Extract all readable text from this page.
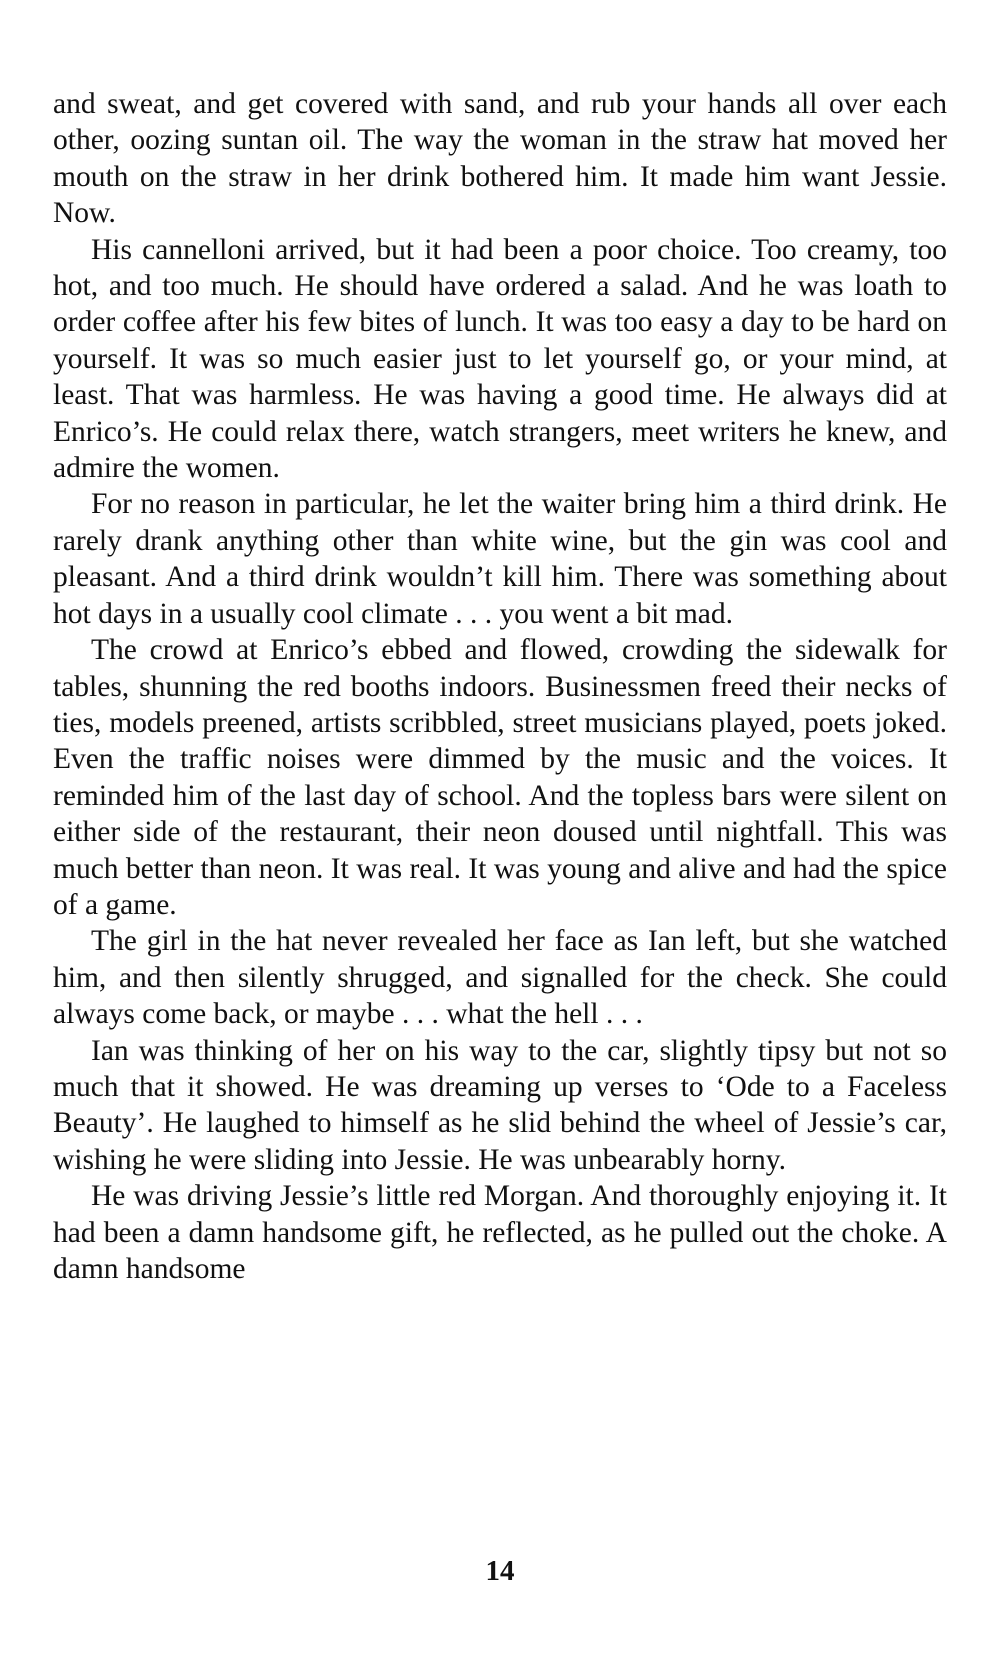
and sweat, and get covered with sand, and rub your hands all over each other, oozing suntan oil. The way the woman in the straw hat moved her mouth on the straw in her drink bothered him. It made him want Jessie. Now.

His cannelloni arrived, but it had been a poor choice. Too creamy, too hot, and too much. He should have ordered a salad. And he was loath to order coffee after his few bites of lunch. It was too easy a day to be hard on yourself. It was so much easier just to let yourself go, or your mind, at least. That was harmless. He was having a good time. He always did at Enrico’s. He could relax there, watch strangers, meet writers he knew, and admire the women.

For no reason in particular, he let the waiter bring him a third drink. He rarely drank anything other than white wine, but the gin was cool and pleasant. And a third drink wouldn’t kill him. There was something about hot days in a usually cool climate . . . you went a bit mad.

The crowd at Enrico’s ebbed and flowed, crowding the sidewalk for tables, shunning the red booths indoors. Businessmen freed their necks of ties, models preened, artists scribbled, street musicians played, poets joked. Even the traffic noises were dimmed by the music and the voices. It reminded him of the last day of school. And the topless bars were silent on either side of the restaurant, their neon doused until nightfall. This was much better than neon. It was real. It was young and alive and had the spice of a game.

The girl in the hat never revealed her face as Ian left, but she watched him, and then silently shrugged, and signalled for the check. She could always come back, or maybe . . . what the hell . . .

Ian was thinking of her on his way to the car, slightly tipsy but not so much that it showed. He was dreaming up verses to ‘Ode to a Faceless Beauty’. He laughed to himself as he slid behind the wheel of Jessie’s car, wishing he were sliding into Jessie. He was unbearably horny.

He was driving Jessie’s little red Morgan. And thoroughly enjoying it. It had been a damn handsome gift, he reflected, as he pulled out the choke. A damn handsome

14
